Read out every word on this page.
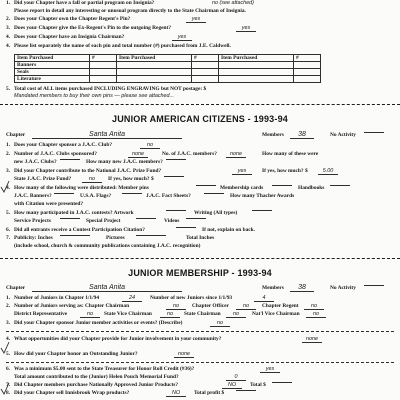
1. Did your Chapter have a fall or partial program on Insignia?	no (see attached)
Please report in detail any interesting or unusual program directly to the State Chairman of Insignia.
2. Does your Chapter own the Chapter Regent's Pin?	yes
3. Does your Chapter give the Ex-Regent's Pin to the outgoing Regent?	yes
4. Does your Chapter have an Insignia Chairman?	yes
4. Please list separately the name of each pin and total number (#) purchased from J.E. Caldwell.
Item Purchased	#	Item Purchased	#	Item Purchased	#
Banners					
Seals					
Literature					
5. Total cost of ALL items purchased INCLUDING ENGRAVING but NOT postage: $
Mandated members to buy their own pins — please see attached...
JUNIOR AMERICAN CITIZENS - 1993-94
Chapter	Santa Anita	Members	38	No Activity
1. Does your Chapter sponsor a J.A.C. Club?	no
2. Number of J.A.C. Clubs sponsored?	none	No. of J.A.C. members?	none	How many of these were
new J.A.C. Clubs?	How many new J.A.C. members?
3. Did your Chapter contribute to the National J.A.C. Prize Fund?	yes	If yes, how much? $	5.00
State J.A.C. Prize Fund?	no	If yes, how much? $
4. How many of the following were distributed: Member pins	Membership cards	Handbooks
J.A.C. Banners?	U.S.A. Flags?	J.A.C. Fact Sheets?	How many Thacher Awards
with Citation were presented?
5. How many participated in J.A.C. contests? Artwork	Writing (All types)
Service Projects	Special Project	Videos
6. Did all entrants receive a Contest Participation Citation?	If not, explain on back.
7. Publicity: Inches	Pictures	Total Inches
(include school, church & community publications containing J.A.C. recognition)
JUNIOR MEMBERSHIP - 1993-94
Chapter	Santa Anita	Members	38	No Activity
1. Number of Juniors in Chapter 1/1/94	24	Number of new Juniors since 1/1/93	4
2. Number of Juniors serving as: Chapter Chairman	no	Chapter Officer	no	Chapter Regent	no
District Representative	no	State Vice Chairman	no	State Chairman	no	Nat'l Vice Chairman	no
3. Did your Chapter sponsor Junior member activities or events? (Describe)	no
4. What opportunities did your Chapter provide for Junior involvement in your community?	none
5. How did your Chapter honor an Outstanding Junior?	none
6. Was a minimum $5.00 sent to the State Treasurer for Honor Roll Credit (#36)?	yes
Total amount contributed to the (Junior) Helen Pouch Memorial Fund?	0
7. Did Chapter members purchase Nationally Approved Junior Products?	NO	Total $
8. Did your Chapter sell Innisbrook Wrap products?	NO	Total profit $
